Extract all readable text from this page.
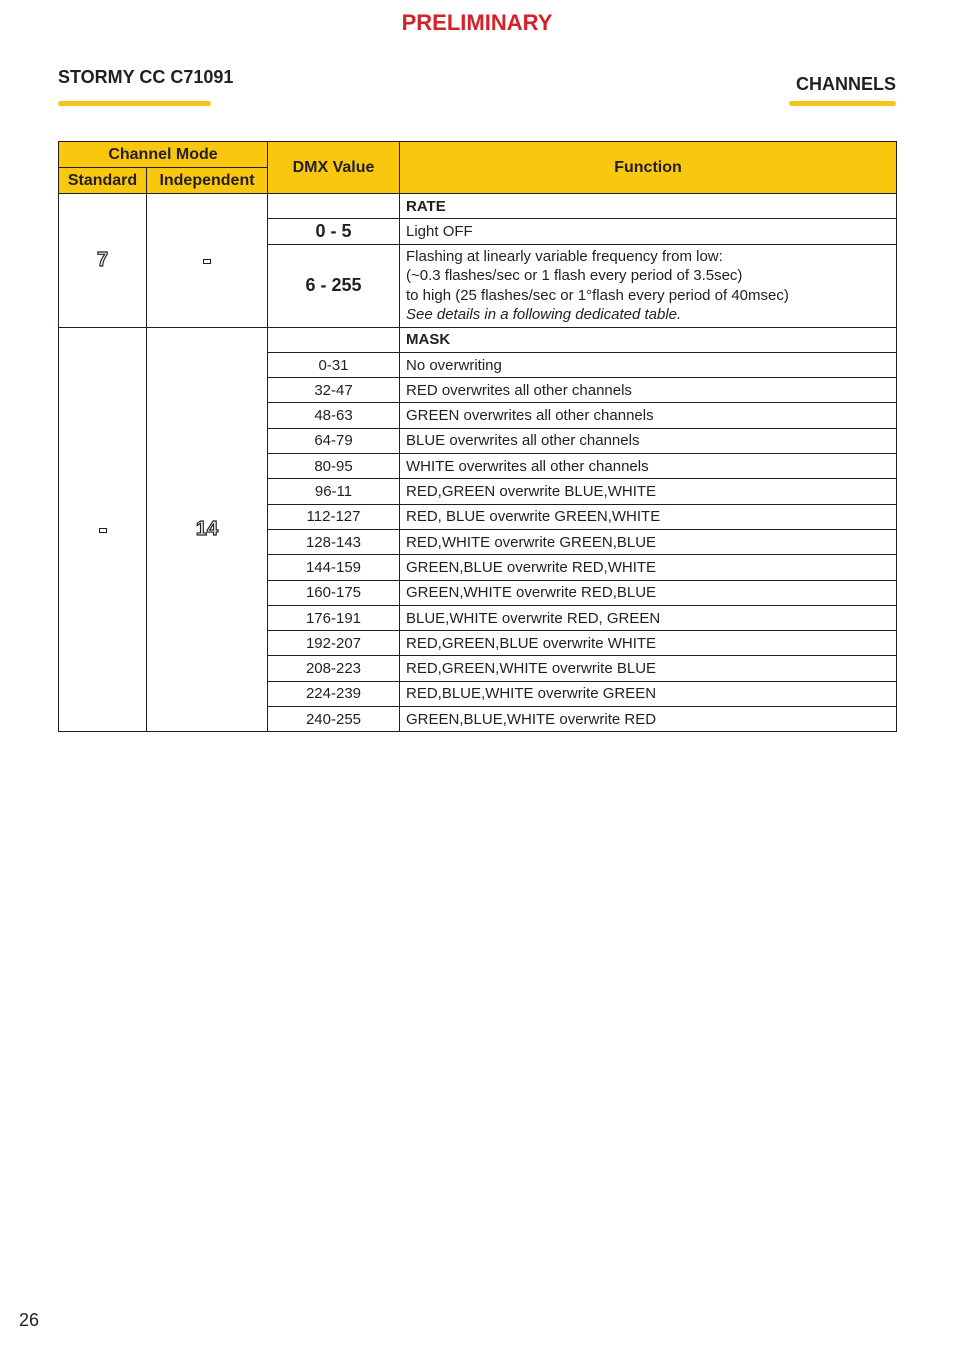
PRELIMINARY
STORMY CC C71091	CHANNELS
Channel Mode		DMX Value	Function
Standard	Independent		
7			RATE
		0 - 5	Light OFF
		6 - 255	Flashing at linearly variable frequency from low:
(~0.3 flashes/sec or 1 flash every period of 3.5sec)
to high (25 flashes/sec or 1°flash every period of 40msec)
See details in a following dedicated table.

	14		MASK
		0-31	No overwriting
		32-47	RED overwrites all other channels
		48-63	GREEN overwrites all other channels
		64-79	BLUE overwrites all other channels
		80-95	WHITE overwrites all other channels
		96-11	RED,GREEN overwrite BLUE,WHITE
		112-127	RED, BLUE overwrite GREEN,WHITE
		128-143	RED,WHITE overwrite GREEN,BLUE
		144-159	GREEN,BLUE overwrite RED,WHITE
		160-175	GREEN,WHITE overwrite RED,BLUE
		176-191	BLUE,WHITE overwrite RED, GREEN
		192-207	RED,GREEN,BLUE overwrite WHITE
		208-223	RED,GREEN,WHITE overwrite BLUE
		224-239	RED,BLUE,WHITE overwrite GREEN
		240-255	GREEN,BLUE,WHITE overwrite RED
26
